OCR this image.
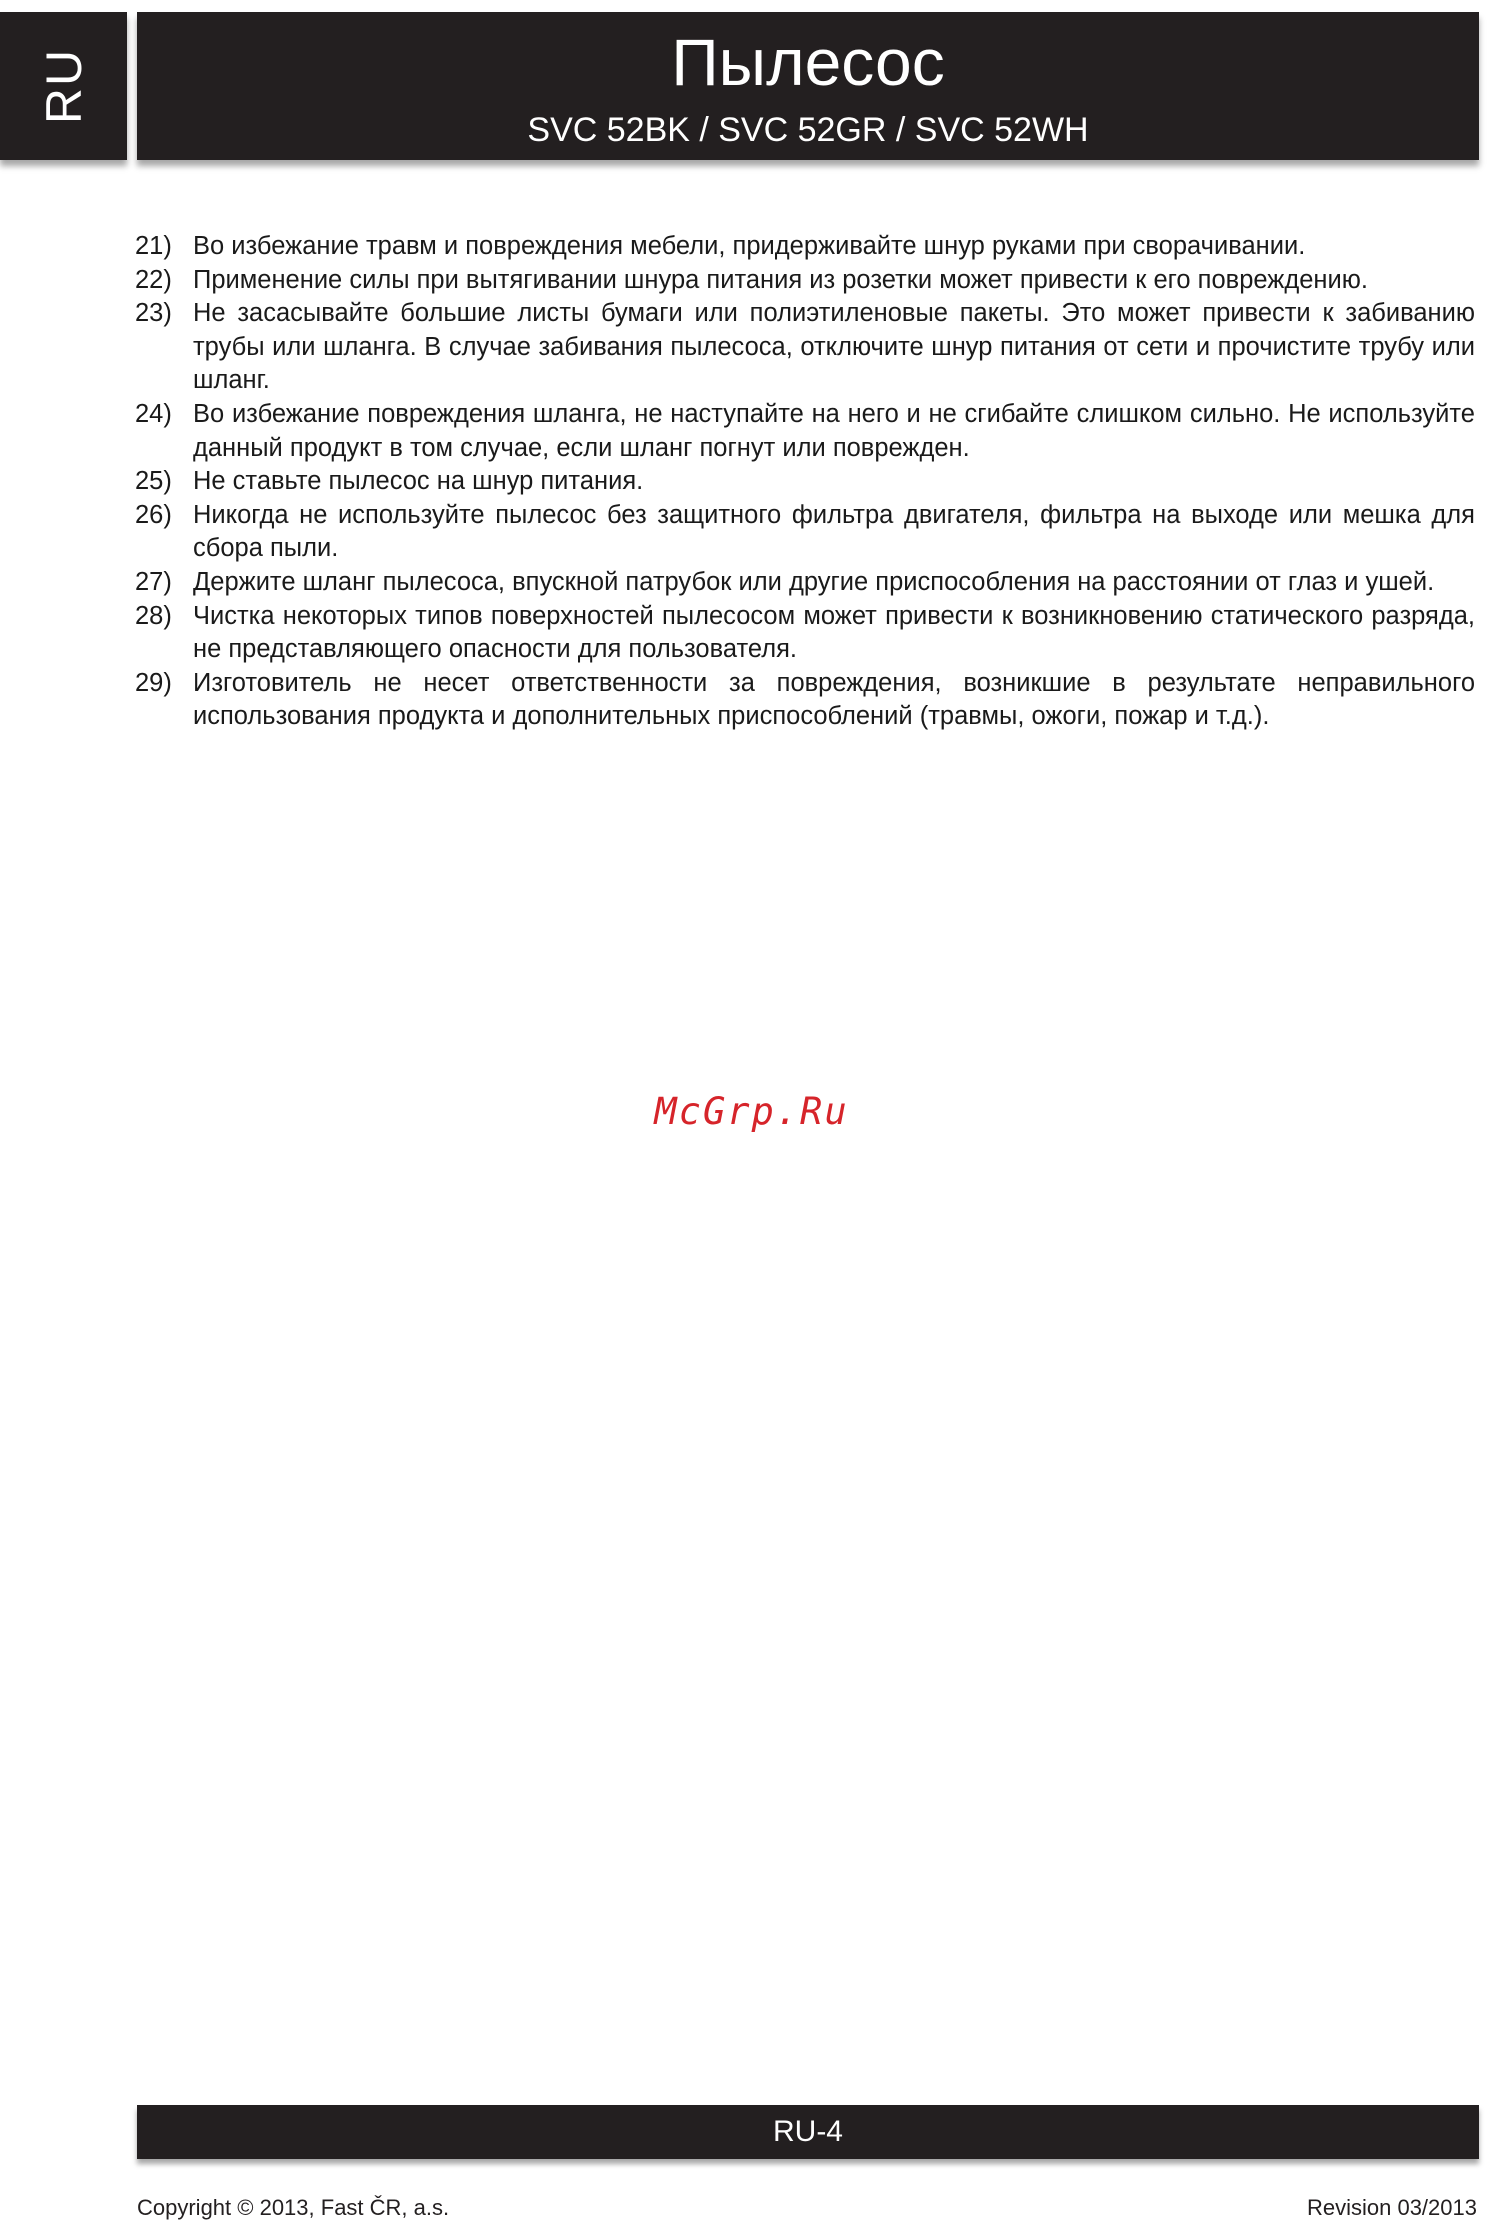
RU	Пылесос
SVC 52BK / SVC 52GR / SVC 52WH
21) Во избежание травм и повреждения мебели, придерживайте шнур руками при сворачивании.
22) Применение силы при вытягивании шнура питания из розетки может привести к его повреждению.
23) Не засасывайте большие листы бумаги или полиэтиленовые пакеты. Это может привести к забиванию трубы или шланга. В случае забивания пылесоса, отключите шнур питания от сети и прочистите трубу или шланг.
24) Во избежание повреждения шланга, не наступайте на него и не сгибайте слишком сильно. Не используйте данный продукт в том случае, если шланг погнут или поврежден.
25) Не ставьте пылесос на шнур питания.
26) Никогда не используйте пылесос без защитного фильтра двигателя, фильтра на выходе или мешка для сбора пыли.
27) Держите шланг пылесоса, впускной патрубок или другие приспособления на расстоянии от глаз и ушей.
28) Чистка некоторых типов поверхностей пылесосом может привести к возникновению статического разряда, не представляющего опасности для пользователя.
29) Изготовитель не несет ответственности за повреждения, возникшие в результате неправильного использования продукта и дополнительных приспособлений (травмы, ожоги, пожар и т.д.).
McGrp.Ru
RU-4
Copyright © 2013, Fast ČR, a.s.	Revision 03/2013
